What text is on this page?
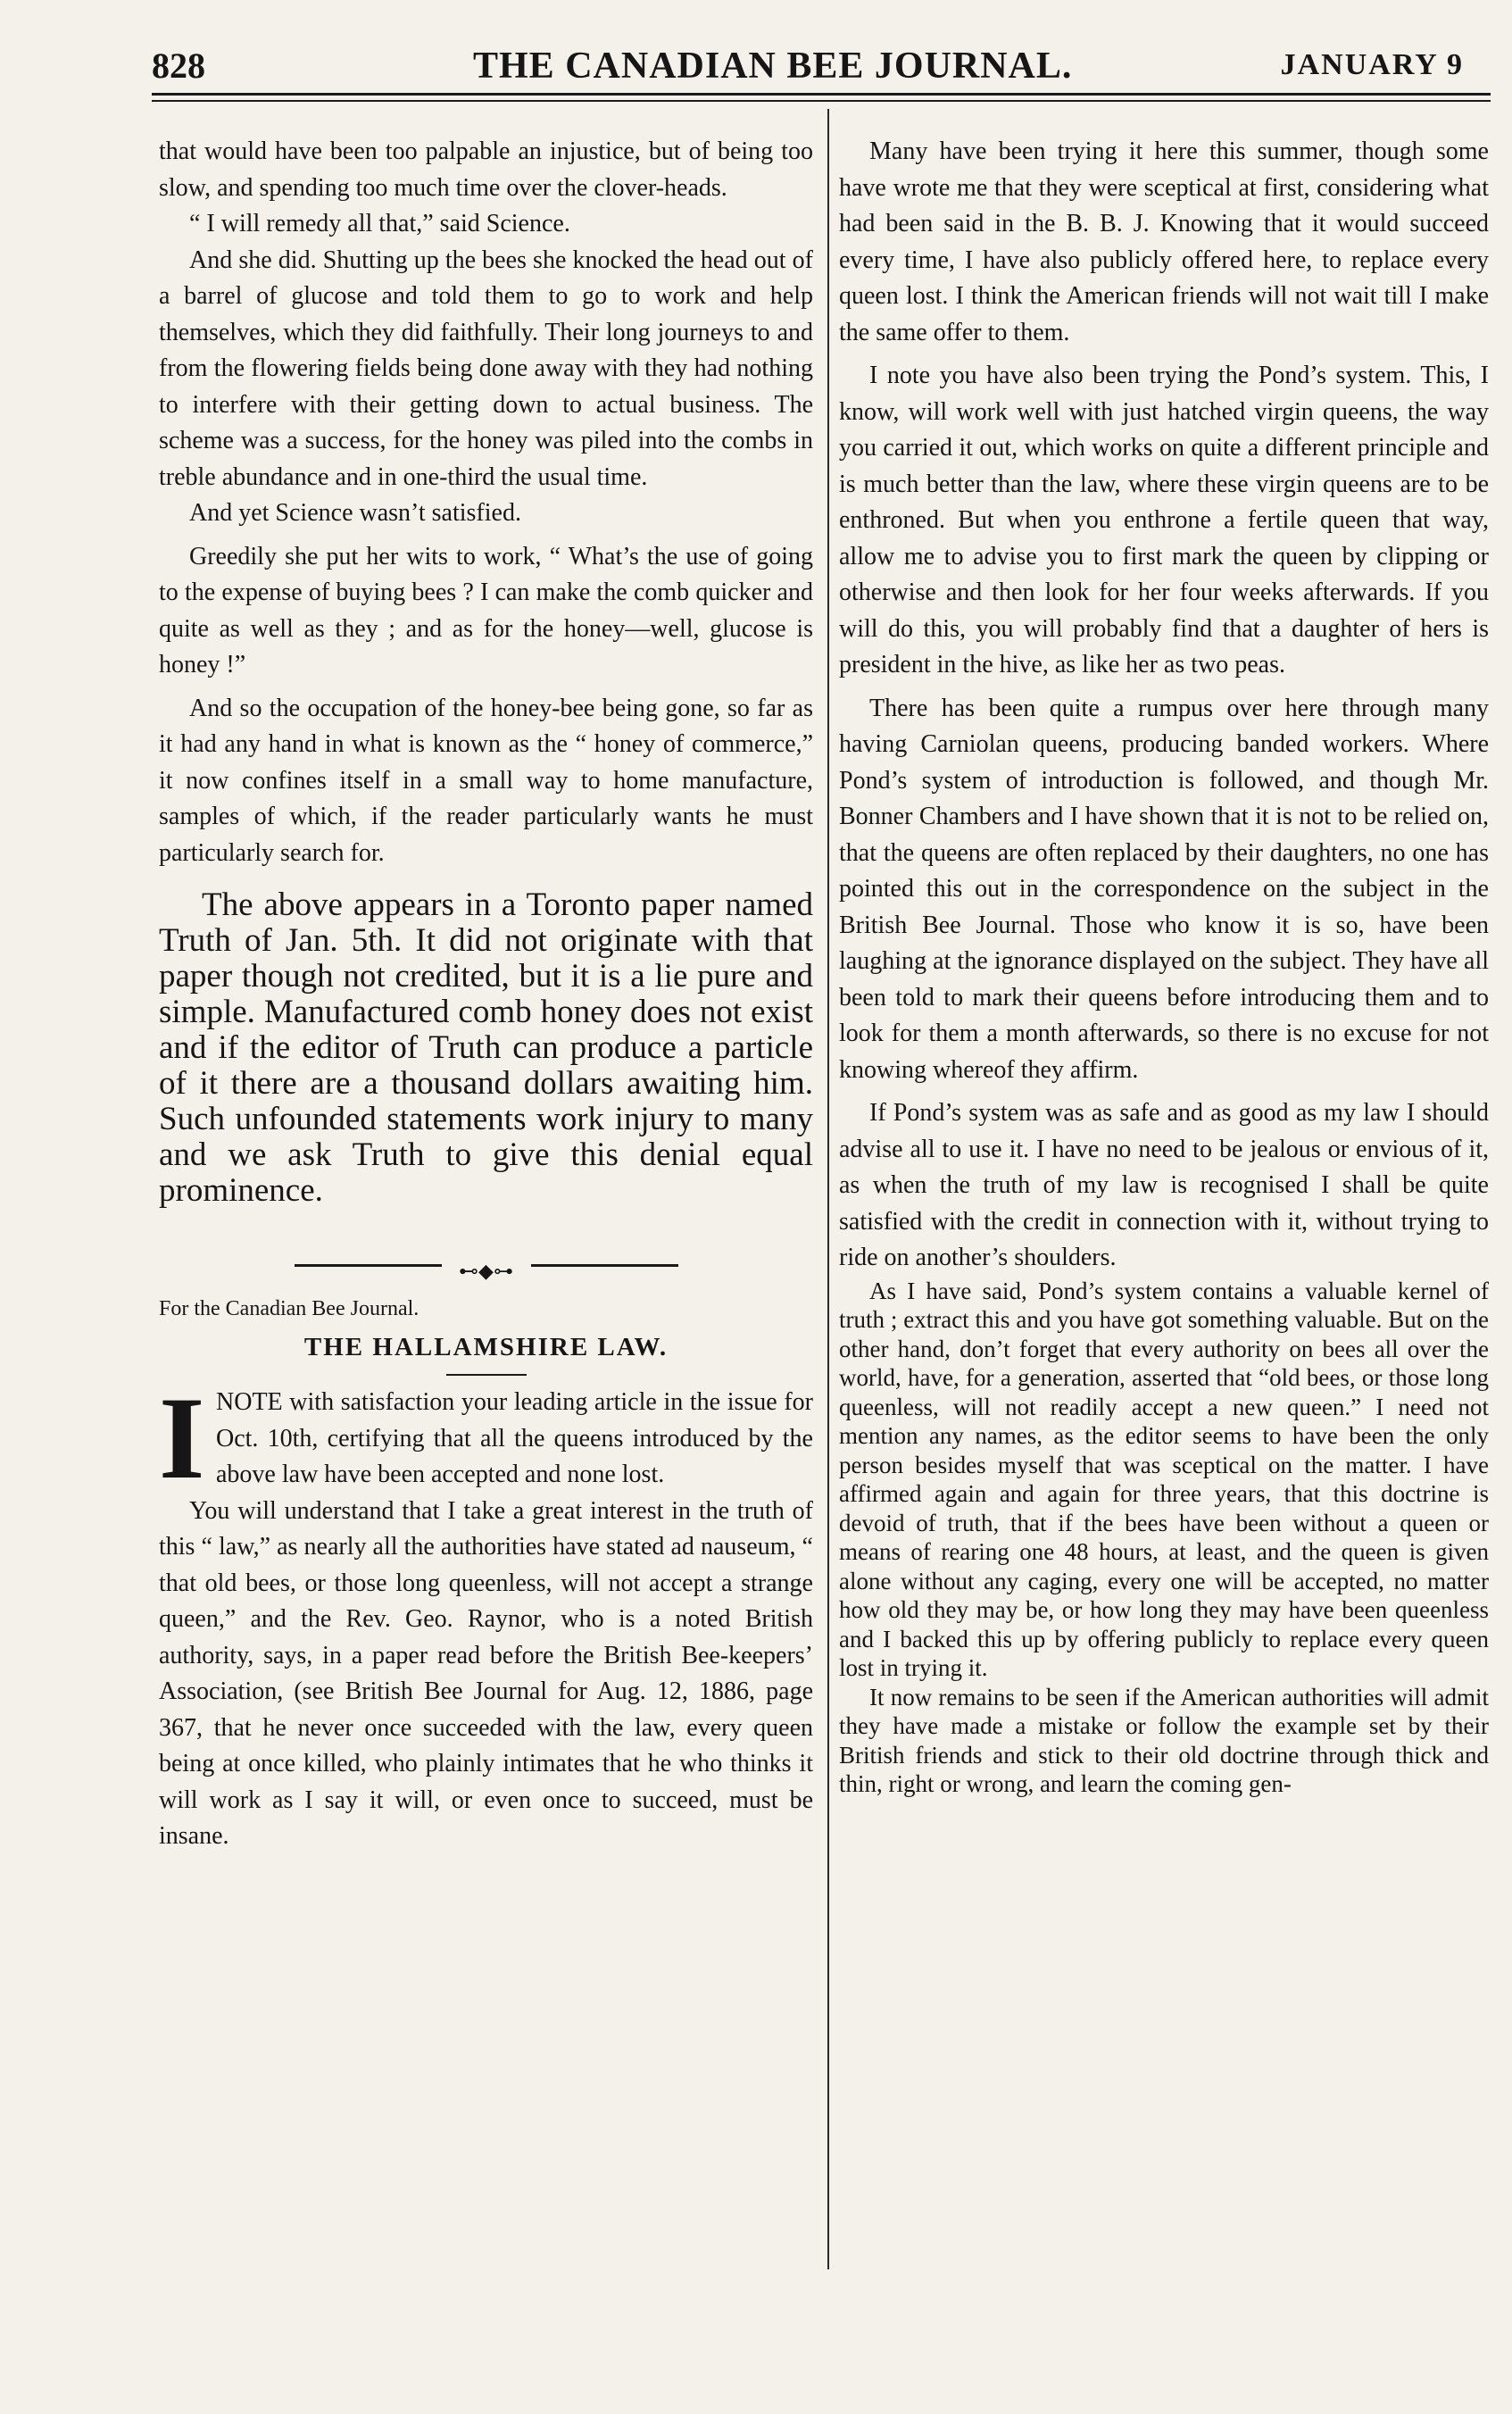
828	THE CANADIAN BEE JOURNAL.	JANUARY 9

that would have been too palpable an injustice, but of being too slow, and spending too much time over the clover-heads.

“ I will remedy all that,” said Science.

And she did. Shutting up the bees she knocked the head out of a barrel of glucose and told them to go to work and help themselves, which they did faithfully. Their long journeys to and from the flowering fields being done away with they had nothing to interfere with their getting down to actual business. The scheme was a success, for the honey was piled into the combs in treble abundance and in one-third the usual time.

And yet Science wasn’t satisfied.

Greedily she put her wits to work, “ What’s the use of going to the expense of buying bees ? I can make the comb quicker and quite as well as they ; and as for the honey—well, glucose is honey !”

And so the occupation of the honey-bee being gone, so far as it had any hand in what is known as the “ honey of commerce,” it now confines itself in a small way to home manufacture, samples of which, if the reader particularly wants he must particularly search for.

The above appears in a Toronto paper named Truth of Jan. 5th. It did not originate with that paper though not credited, but it is a lie pure and simple. Manufactured comb honey does not exist and if the editor of Truth can produce a particle of it there are a thousand dollars awaiting him. Such unfounded statements work injury to many and we ask Truth to give this denial equal prominence.

⊷◆⊶

For the Canadian Bee Journal.

THE HALLAMSHIRE LAW.

I NOTE with satisfaction your leading article in the issue for Oct. 10th, certifying that all the queens introduced by the above law have been accepted and none lost.

You will understand that I take a great interest in the truth of this “ law,” as nearly all the authorities have stated ad nauseum, “ that old bees, or those long queenless, will not accept a strange queen,” and the Rev. Geo. Raynor, who is a noted British authority, says, in a paper read before the British Bee-keepers’ Association, (see British Bee Journal for Aug. 12, 1886, page 367, that he never once succeeded with the law, every queen being at once killed, who plainly intimates that he who thinks it will work as I say it will, or even once to succeed, must be insane.

Many have been trying it here this summer, though some have wrote me that they were sceptical at first, considering what had been said in the B. B. J. Knowing that it would succeed every time, I have also publicly offered here, to replace every queen lost. I think the American friends will not wait till I make the same offer to them.

I note you have also been trying the Pond’s system. This, I know, will work well with just hatched virgin queens, the way you carried it out, which works on quite a different principle and is much better than the law, where these virgin queens are to be enthroned. But when you enthrone a fertile queen that way, allow me to advise you to first mark the queen by clipping or otherwise and then look for her four weeks afterwards. If you will do this, you will probably find that a daughter of hers is president in the hive, as like her as two peas.

There has been quite a rumpus over here through many having Carniolan queens, producing banded workers. Where Pond’s system of introduction is followed, and though Mr. Bonner Chambers and I have shown that it is not to be relied on, that the queens are often replaced by their daughters, no one has pointed this out in the correspondence on the subject in the British Bee Journal. Those who know it is so, have been laughing at the ignorance displayed on the subject. They have all been told to mark their queens before introducing them and to look for them a month afterwards, so there is no excuse for not knowing whereof they affirm.

If Pond’s system was as safe and as good as my law I should advise all to use it. I have no need to be jealous or envious of it, as when the truth of my law is recognised I shall be quite satisfied with the credit in connection with it, without trying to ride on another’s shoulders.

As I have said, Pond’s system contains a valuable kernel of truth ; extract this and you have got something valuable. But on the other hand, don’t forget that every authority on bees all over the world, have, for a generation, asserted that “old bees, or those long queenless, will not readily accept a new queen.” I need not mention any names, as the editor seems to have been the only person besides myself that was sceptical on the matter. I have affirmed again and again for three years, that this doctrine is devoid of truth, that if the bees have been without a queen or means of rearing one 48 hours, at least, and the queen is given alone without any caging, every one will be accepted, no matter how old they may be, or how long they may have been queenless and I backed this up by offering publicly to replace every queen lost in trying it.

It now remains to be seen if the American authorities will admit they have made a mistake or follow the example set by their British friends and stick to their old doctrine through thick and thin, right or wrong, and learn the coming gen-
